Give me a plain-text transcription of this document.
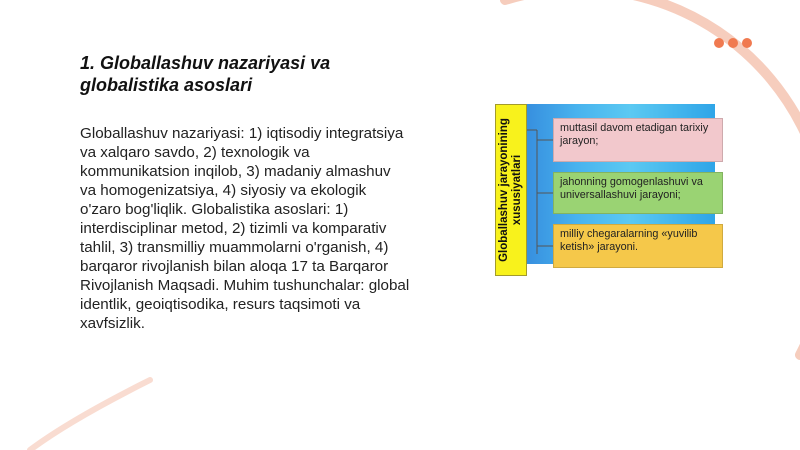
1. Globallashuv nazariyasi va globalistika asoslari

Globallashuv nazariyasi: 1) iqtisodiy integratsiya va xalqaro savdo, 2) texnologik va kommunikatsion inqilob, 3) madaniy almashuv va homogenizatsiya, 4) siyosiy va ekologik o'zaro bog'liqlik. Globalistika asoslari: 1) interdisciplinar metod, 2) tizimli va komparativ tahlil, 3) transmilliy muammolarni o'rganish, 4) barqaror rivojlanish bilan aloqa 17 ta Barqaror Rivojlanish Maqsadi. Muhim tushunchalar: global identlik, geoiqtisodika, resurs taqsimoti va xavfsizlik.

Globallashuv jarayonining xususiyatlari
muttasil davom etadigan tarixiy jarayon;
jahonning gomogenlashuvi va universallashuvi jarayoni;
milliy chegaralarning «yuvilib ketish» jarayoni.
